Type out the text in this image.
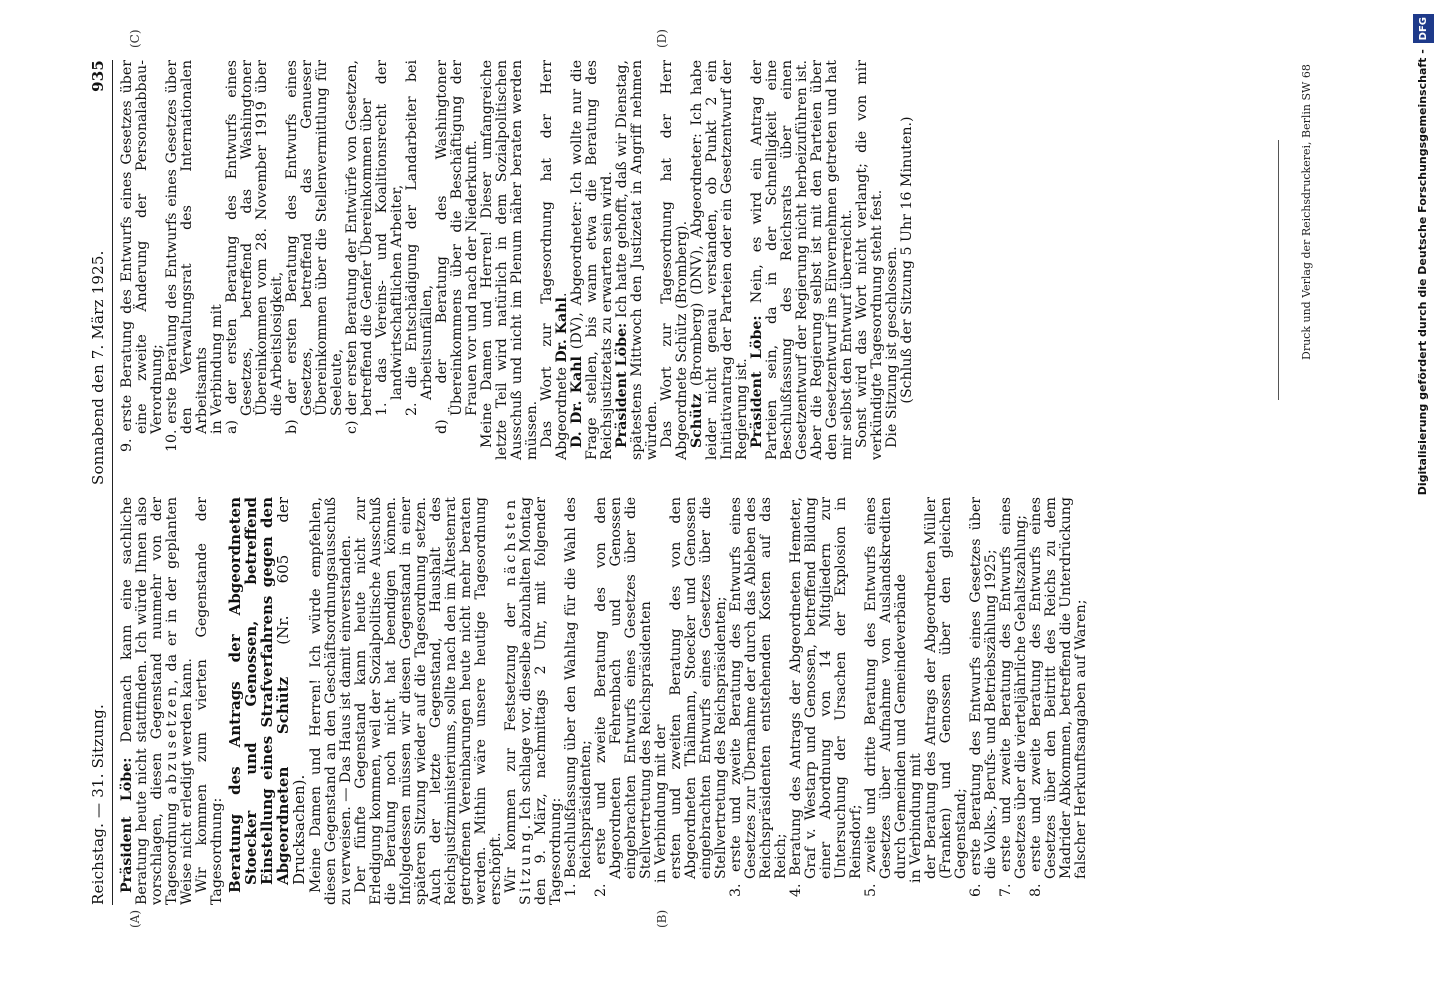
Reichstag. — 31. Sitzung.
Sonnabend den 7. März 1925.
935
(A)	(B)
(C)	(D)

Präsident Löbe: Demnach kann eine sachliche Beratung heute nicht stattfinden. Ich würde Ihnen also vorschlagen, diesen Gegenstand nunmehr von der Tagesordnung abzusetzen, da er in der geplanten Weise nicht erledigt werden kann. Wir kommen zum vierten Gegenstande der Tagesordnung: Beratung des Antrags der Abgeordneten Stoecker und Genossen, betreffend Einstellung eines Strafverfahrens gegen den Abgeordneten Schütz (Nr. 605 der Drucksachen). Meine Damen und Herren! Ich würde empfehlen, diesen Gegenstand an den Geschäftsordnungsausschuß zu verweisen. — Das Haus ist damit einverstanden. Der fünfte Gegenstand kann heute nicht zur Erledigung kommen, weil der Sozialpolitische Ausschuß die Beratung noch nicht hat beendigen können. Infolgedessen müssen wir diesen Gegenstand in einer späteren Sitzung wieder auf die Tagesordnung setzen. Auch der letzte Gegenstand, Haushalt des Reichsjustizministeriums, sollte nach den im Ältestenrat getroffenen Vereinbarungen heute nicht mehr beraten werden. Mithin wäre unsere heutige Tagesordnung erschöpft. Wir kommen zur Festsetzung der nächsten Sitzung. Ich schlage vor, dieselbe abzuhalten Montag den 9. März, nachmittags 2 Uhr, mit folgender Tagesordnung: 1. Beschlußfassung über den Wahltag für die Wahl des Reichspräsidenten;

2. erste und zweite Beratung des von den Abgeordneten Fehrenbach und Genossen eingebrachten Entwurfs eines Gesetzes über die Stellvertretung des Reichspräsidenten in Verbindung mit der ersten und zweiten Beratung des von den Abgeordneten Thälmann, Stoecker und Genossen eingebrachten Entwurfs eines Gesetzes über die Stellvertretung des Reichspräsidenten;

3. erste und zweite Beratung des Entwurfs eines Gesetzes zur Übernahme der durch das Ableben des Reichspräsidenten entstehenden Kosten auf das Reich;

4. Beratung des Antrags der Abgeordneten Hemeter, Graf v. Westarp und Genossen, betreffend Bildung einer Abordnung von 14 Mitgliedern zur Untersuchung der Ursachen der Explosion in Reinsdorf;

5. zweite und dritte Beratung des Entwurfs eines Gesetzes über Aufnahme von Auslandskrediten durch Gemeinden und Gemeindeverbände in Verbindung mit der Beratung des Antrags der Abgeordneten Müller (Franken) und Genossen über den gleichen Gegenstand;

6. erste Beratung des Entwurfs eines Gesetzes über die Volks-, Berufs- und Betriebszählung 1925;

7. erste und zweite Beratung des Entwurfs eines Gesetzes über die vierteljährliche Gehaltszahlung;

8. erste und zweite Beratung des Entwurfs eines Gesetzes über den Beitritt des Reichs zu dem Madrider Abkommen, betreffend die Unterdrückung falscher Herkunftsangaben auf Waren;

9. erste Beratung des Entwurfs eines Gesetzes über eine zweite Änderung der Personalabbau-Verordnung;

10. erste Beratung des Entwurfs eines Gesetzes über den Verwaltungsrat des Internationalen Arbeitsamts in Verbindung mit a) der ersten Beratung des Entwurfs eines Gesetzes, betreffend das Washingtoner Übereinkommen vom 28. November 1919 über die Arbeitslosigkeit,

b) der ersten Beratung des Entwurfs eines Gesetzes, betreffend das Genueser Übereinkommen über die Stellenvermittlung für Seeleute,

c) der ersten Beratung der Entwürfe von Gesetzen, betreffend die Genfer Übereinkommen über 1. das Vereins- und Koalitionsrecht der landwirtschaftlichen Arbeiter,

2. die Entschädigung der Landarbeiter bei Arbeitsunfällen,

d) der Beratung des Washingtoner Übereinkommens über die Beschäftigung der Frauen vor und nach der Niederkunft. Meine Damen und Herren! Dieser umfangreiche letzte Teil wird natürlich in dem Sozialpolitischen Ausschuß und nicht im Plenum näher beraten werden müssen. Das Wort zur Tagesordnung hat der Herr Abgeordnete Dr. Kahl.

D. Dr. Kahl (DV), Abgeordneter: Ich wollte nur die Frage stellen, bis wann etwa die Beratung des Reichsjustizetats zu erwarten sein wird. Präsident Löbe: Ich hatte gehofft, daß wir Dienstag, spätestens Mittwoch den Justizetat in Angriff nehmen würden. Das Wort zur Tagesordnung hat der Herr Abgeordnete Schütz (Bromberg). Schütz (Bromberg) (DNV), Abgeordneter: Ich habe leider nicht genau verstanden, ob Punkt 2 ein Initiativantrag der Parteien oder ein Gesetzentwurf der Regierung ist. Präsident Löbe: Nein, es wird ein Antrag der Parteien sein, da in der Schnelligkeit eine Beschlußfassung des Reichsrats über einen Gesetzentwurf der Regierung nicht herbeizuführen ist. Aber die Regierung selbst ist mit den Parteien über den Gesetzentwurf ins Einvernehmen getreten und hat mir selbst den Entwurf überreicht. Sonst wird das Wort nicht verlangt; die von mir verkündigte Tagesordnung steht fest. Die Sitzung ist geschlossen. (Schluß der Sitzung 5 Uhr 16 Minuten.)	Druck und Verlag der Reichsdruckerei, Berlin SW 68	Digitalisierung gefördert durch die Deutsche Forschungsgemeinschaft - DFG
